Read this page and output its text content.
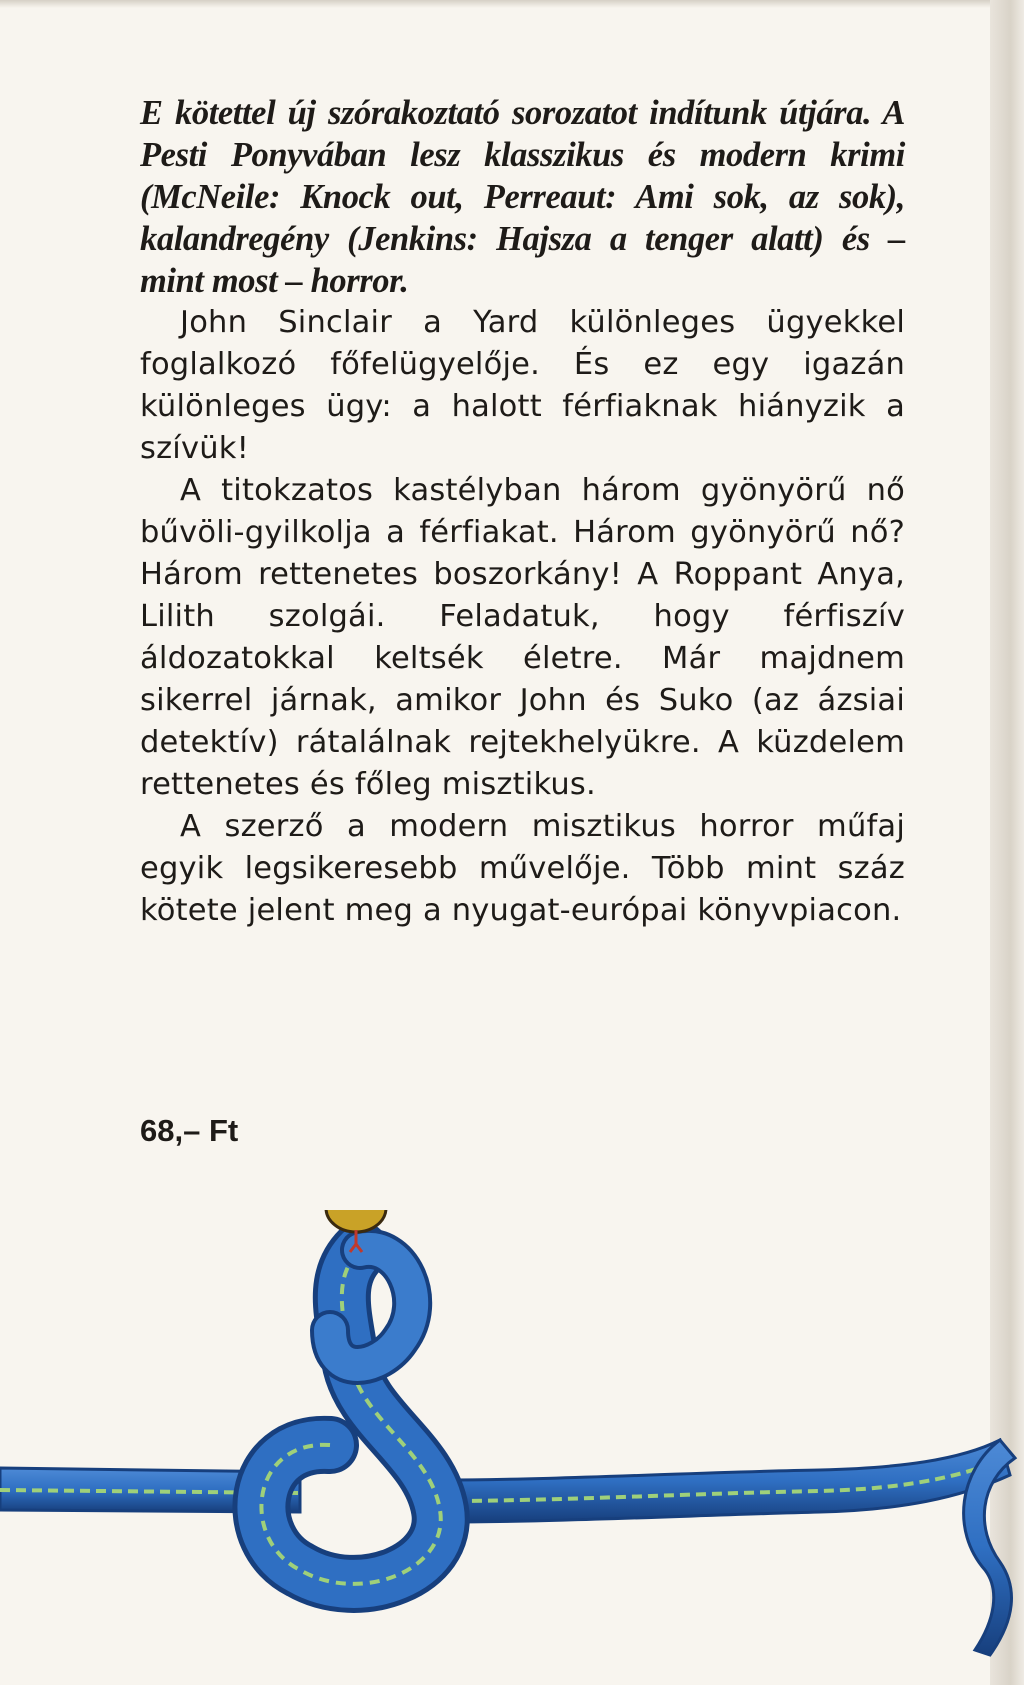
E kötettel új szórakoztató sorozatot indítunk útjára. A Pesti Ponyvában lesz klasszikus és modern krimi (McNeile: Knock out, Perreaut: Ami sok, az sok), kalandregény (Jenkins: Hajsza a tenger alatt) és – mint most – horror.

John Sinclair a Yard különleges ügyekkel foglalkozó főfelügyelője. És ez egy igazán különleges ügy: a halott férfiaknak hiányzik a szívük!

A titokzatos kastélyban három gyönyörű nő bűvöli-gyilkolja a férfiakat. Három gyönyörű nő? Három rettenetes boszorkány! A Roppant Anya, Lilith szolgái. Feladatuk, hogy férfiszív áldozatokkal keltsék életre. Már majdnem sikerrel járnak, amikor John és Suko (az ázsiai detektív) rátalálnak rejtekhelyükre. A küzdelem rettenetes és főleg misztikus.

A szerző a modern misztikus horror műfaj egyik legsikeresebb művelője. Több mint száz kötete jelent meg a nyugat-európai könyvpiacon.

68,– Ft
